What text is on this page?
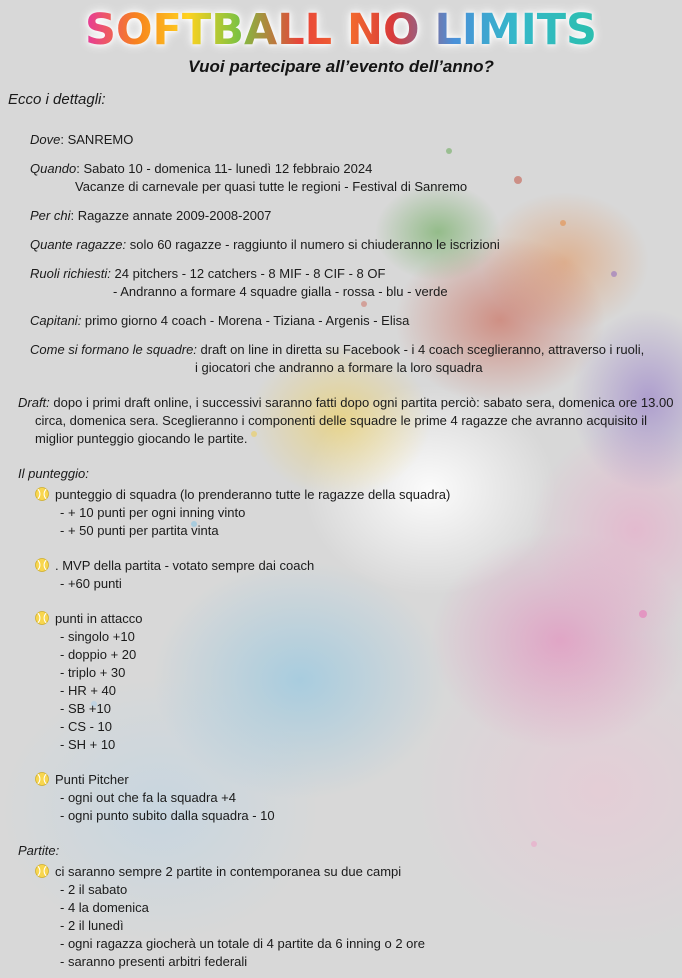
SOFTBALL NO LIMITS
Vuoi partecipare all’evento dell’anno?
Ecco i dettagli:
Dove: SANREMO
Quando: Sabato 10 - domenica 11- lunedì 12 febbraio 2024
Vacanze di carnevale per quasi tutte le regioni - Festival di Sanremo
Per chi: Ragazze annate 2009-2008-2007
Quante ragazze: solo 60 ragazze - raggiunto il numero si chiuderanno le iscrizioni
Ruoli richiesti: 24 pitchers - 12 catchers - 8 MIF - 8 CIF - 8 OF
- Andranno a formare 4 squadre gialla - rossa - blu - verde
Capitani: primo giorno 4 coach - Morena - Tiziana - Argenis - Elisa
Come si formano le squadre: draft on line in diretta su Facebook - i 4 coach sceglieranno, attraverso i ruoli,
i giocatori che andranno a formare la loro squadra
Draft: dopo i primi draft online, i successivi saranno fatti dopo ogni partita perciò: sabato sera, domenica ore 13.00 circa, domenica sera. Sceglieranno i componenti delle squadre le prime 4 ragazze che avranno acquisito il miglior punteggio giocando le partite.
Il punteggio:
punteggio di squadra (lo prenderanno tutte le ragazze della squadra)
- + 10 punti per ogni inning vinto
- + 50 punti per partita vinta
. MVP della partita - votato sempre dai coach
- +60 punti
punti in attacco
- singolo +10
- doppio + 20
- triplo + 30
- HR + 40
- SB +10
- CS - 10
- SH + 10
Punti Pitcher
- ogni out che fa la squadra +4
- ogni punto subito dalla squadra - 10
Partite:
ci saranno sempre 2 partite in contemporanea su due campi
- 2 il sabato
- 4 la domenica
- 2 il lunedì
- ogni ragazza giocherà un totale di 4 partite da 6 inning o 2 ore
- saranno presenti arbitri federali
